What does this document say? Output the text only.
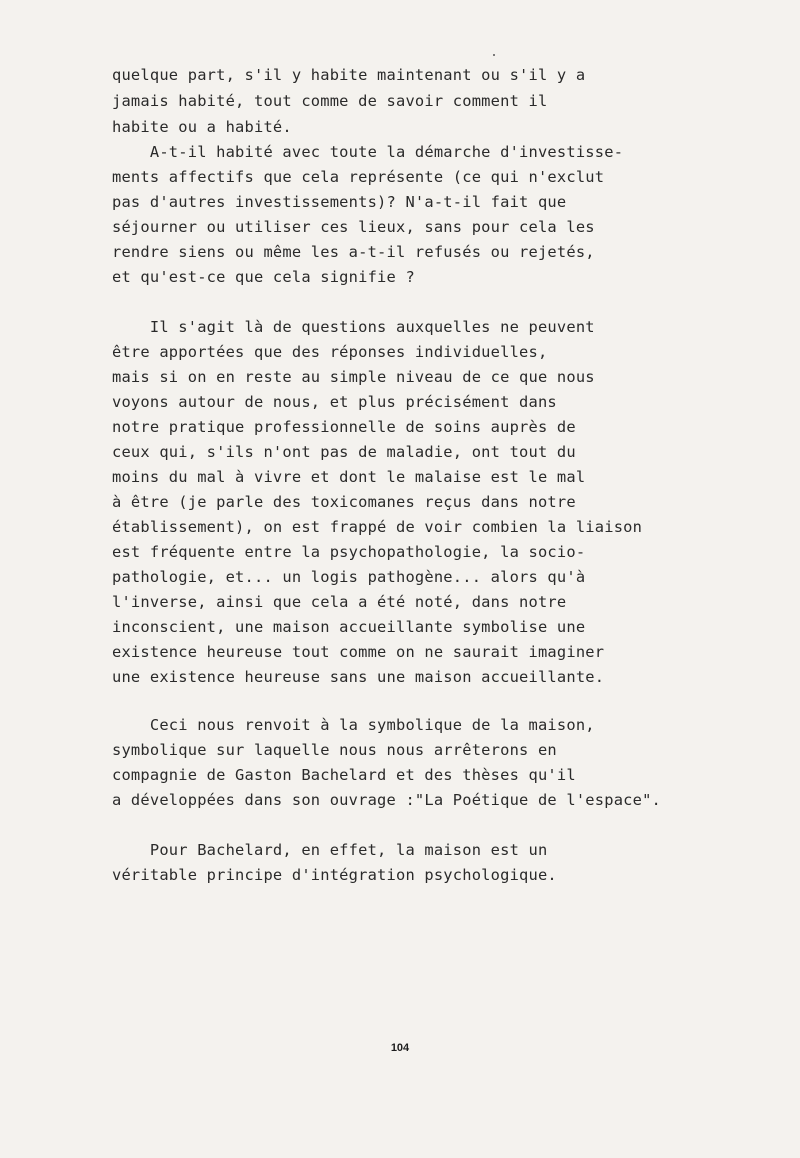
quelque part, s'il y habite maintenant ou s'il y a
jamais habité, tout comme de savoir comment il
habite ou a habité.
A-t-il habité avec toute la démarche d'investisse-
ments affectifs que cela représente (ce qui n'exclut
pas d'autres investissements)? N'a-t-il fait que
séjourner ou utiliser ces lieux, sans pour cela les
rendre siens ou même les a-t-il refusés ou rejetés,
et qu'est-ce que cela signifie ?
Il s'agit là de questions auxquelles ne peuvent
être apportées que des réponses individuelles,
mais si on en reste au simple niveau de ce que nous
voyons autour de nous, et plus précisément dans
notre pratique professionnelle de soins auprès de
ceux qui, s'ils n'ont pas de maladie, ont tout du
moins du mal à vivre et dont le malaise est le mal
à être (je parle des toxicomanes reçus dans notre
établissement), on est frappé de voir combien la liaison
est fréquente entre la psychopathologie, la socio-
pathologie, et... un logis pathogène... alors qu'à
l'inverse, ainsi que cela a été noté, dans notre
inconscient, une maison accueillante symbolise une
existence heureuse tout comme on ne saurait imaginer
une existence heureuse sans une maison accueillante.
Ceci nous renvoit à la symbolique de la maison,
symbolique sur laquelle nous nous arrêterons en
compagnie de Gaston Bachelard et des thèses qu'il
a développées dans son ouvrage :"La Poétique de l'espace".
Pour Bachelard, en effet, la maison est un
véritable principe d'intégration psychologique.
104
